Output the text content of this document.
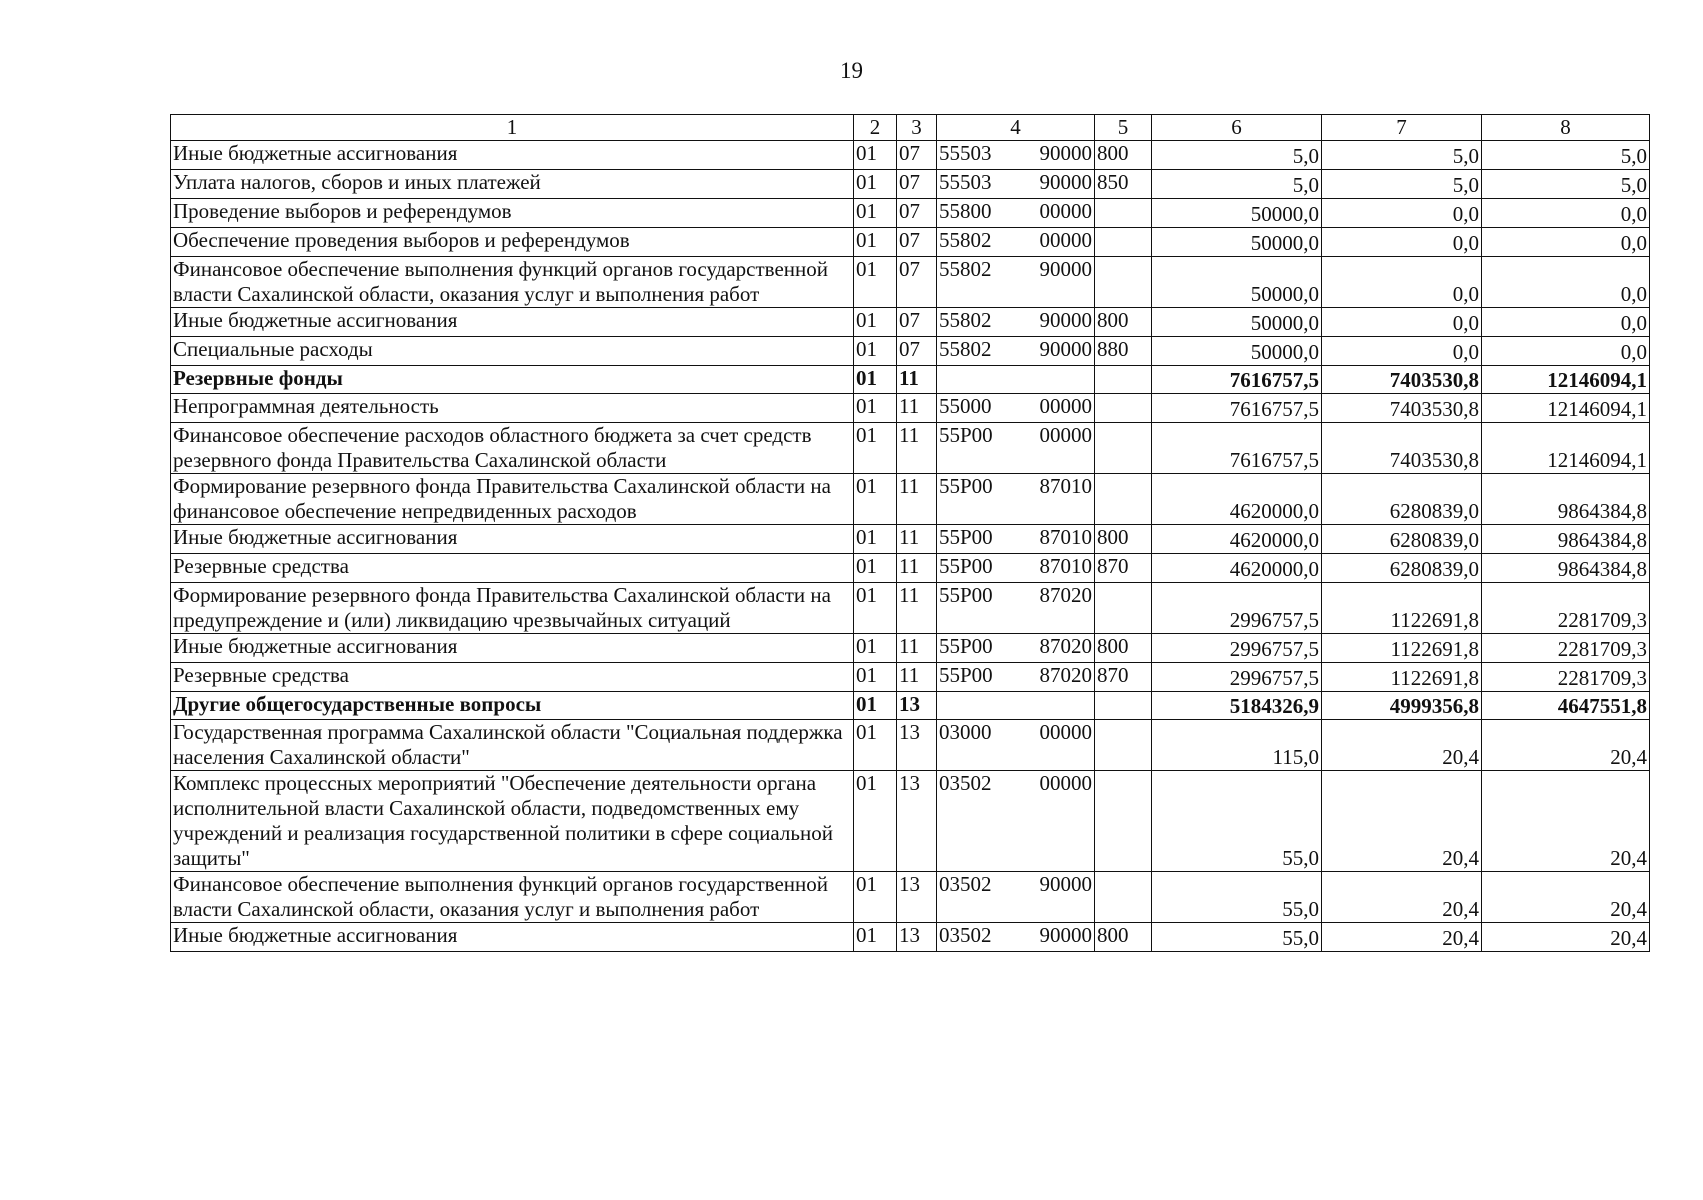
19
1	2	3	4	5	6	7	8
Иные бюджетные ассигнования	01	07	55503 90000	800	5,0	5,0	5,0
Уплата налогов, сборов и иных платежей	01	07	55503 90000	850	5,0	5,0	5,0
Проведение выборов и референдумов	01	07	55800 00000		50000,0	0,0	0,0
Обеспечение проведения выборов и референдумов	01	07	55802 00000		50000,0	0,0	0,0
Финансовое обеспечение выполнения функций органов государственной власти Сахалинской области, оказания услуг и выполнения работ	01	07	55802 90000		50000,0	0,0	0,0
Иные бюджетные ассигнования	01	07	55802 90000	800	50000,0	0,0	0,0
Специальные расходы	01	07	55802 90000	880	50000,0	0,0	0,0
Резервные фонды	01	11			7616757,5	7403530,8	12146094,1
Непрограммная деятельность	01	11	55000 00000		7616757,5	7403530,8	12146094,1
Финансовое обеспечение расходов областного бюджета за счет средств резервного фонда Правительства Сахалинской области	01	11	55Р00 00000		7616757,5	7403530,8	12146094,1
Формирование резервного фонда Правительства Сахалинской области на финансовое обеспечение непредвиденных расходов	01	11	55Р00 87010		4620000,0	6280839,0	9864384,8
Иные бюджетные ассигнования	01	11	55Р00 87010	800	4620000,0	6280839,0	9864384,8
Резервные средства	01	11	55Р00 87010	870	4620000,0	6280839,0	9864384,8
Формирование резервного фонда Правительства Сахалинской области на предупреждение и (или) ликвидацию чрезвычайных ситуаций	01	11	55Р00 87020		2996757,5	1122691,8	2281709,3
Иные бюджетные ассигнования	01	11	55Р00 87020	800	2996757,5	1122691,8	2281709,3
Резервные средства	01	11	55Р00 87020	870	2996757,5	1122691,8	2281709,3
Другие общегосударственные вопросы	01	13			5184326,9	4999356,8	4647551,8
Государственная программа Сахалинской области "Социальная поддержка населения Сахалинской области"	01	13	03000 00000		115,0	20,4	20,4
Комплекс процессных мероприятий "Обеспечение деятельности органа исполнительной власти Сахалинской области, подведомственных ему учреждений и реализация государственной политики в сфере социальной защиты"	01	13	03502 00000		55,0	20,4	20,4
Финансовое обеспечение выполнения функций органов государственной власти Сахалинской области, оказания услуг и выполнения работ	01	13	03502 90000		55,0	20,4	20,4
Иные бюджетные ассигнования	01	13	03502 90000	800	55,0	20,4	20,4
